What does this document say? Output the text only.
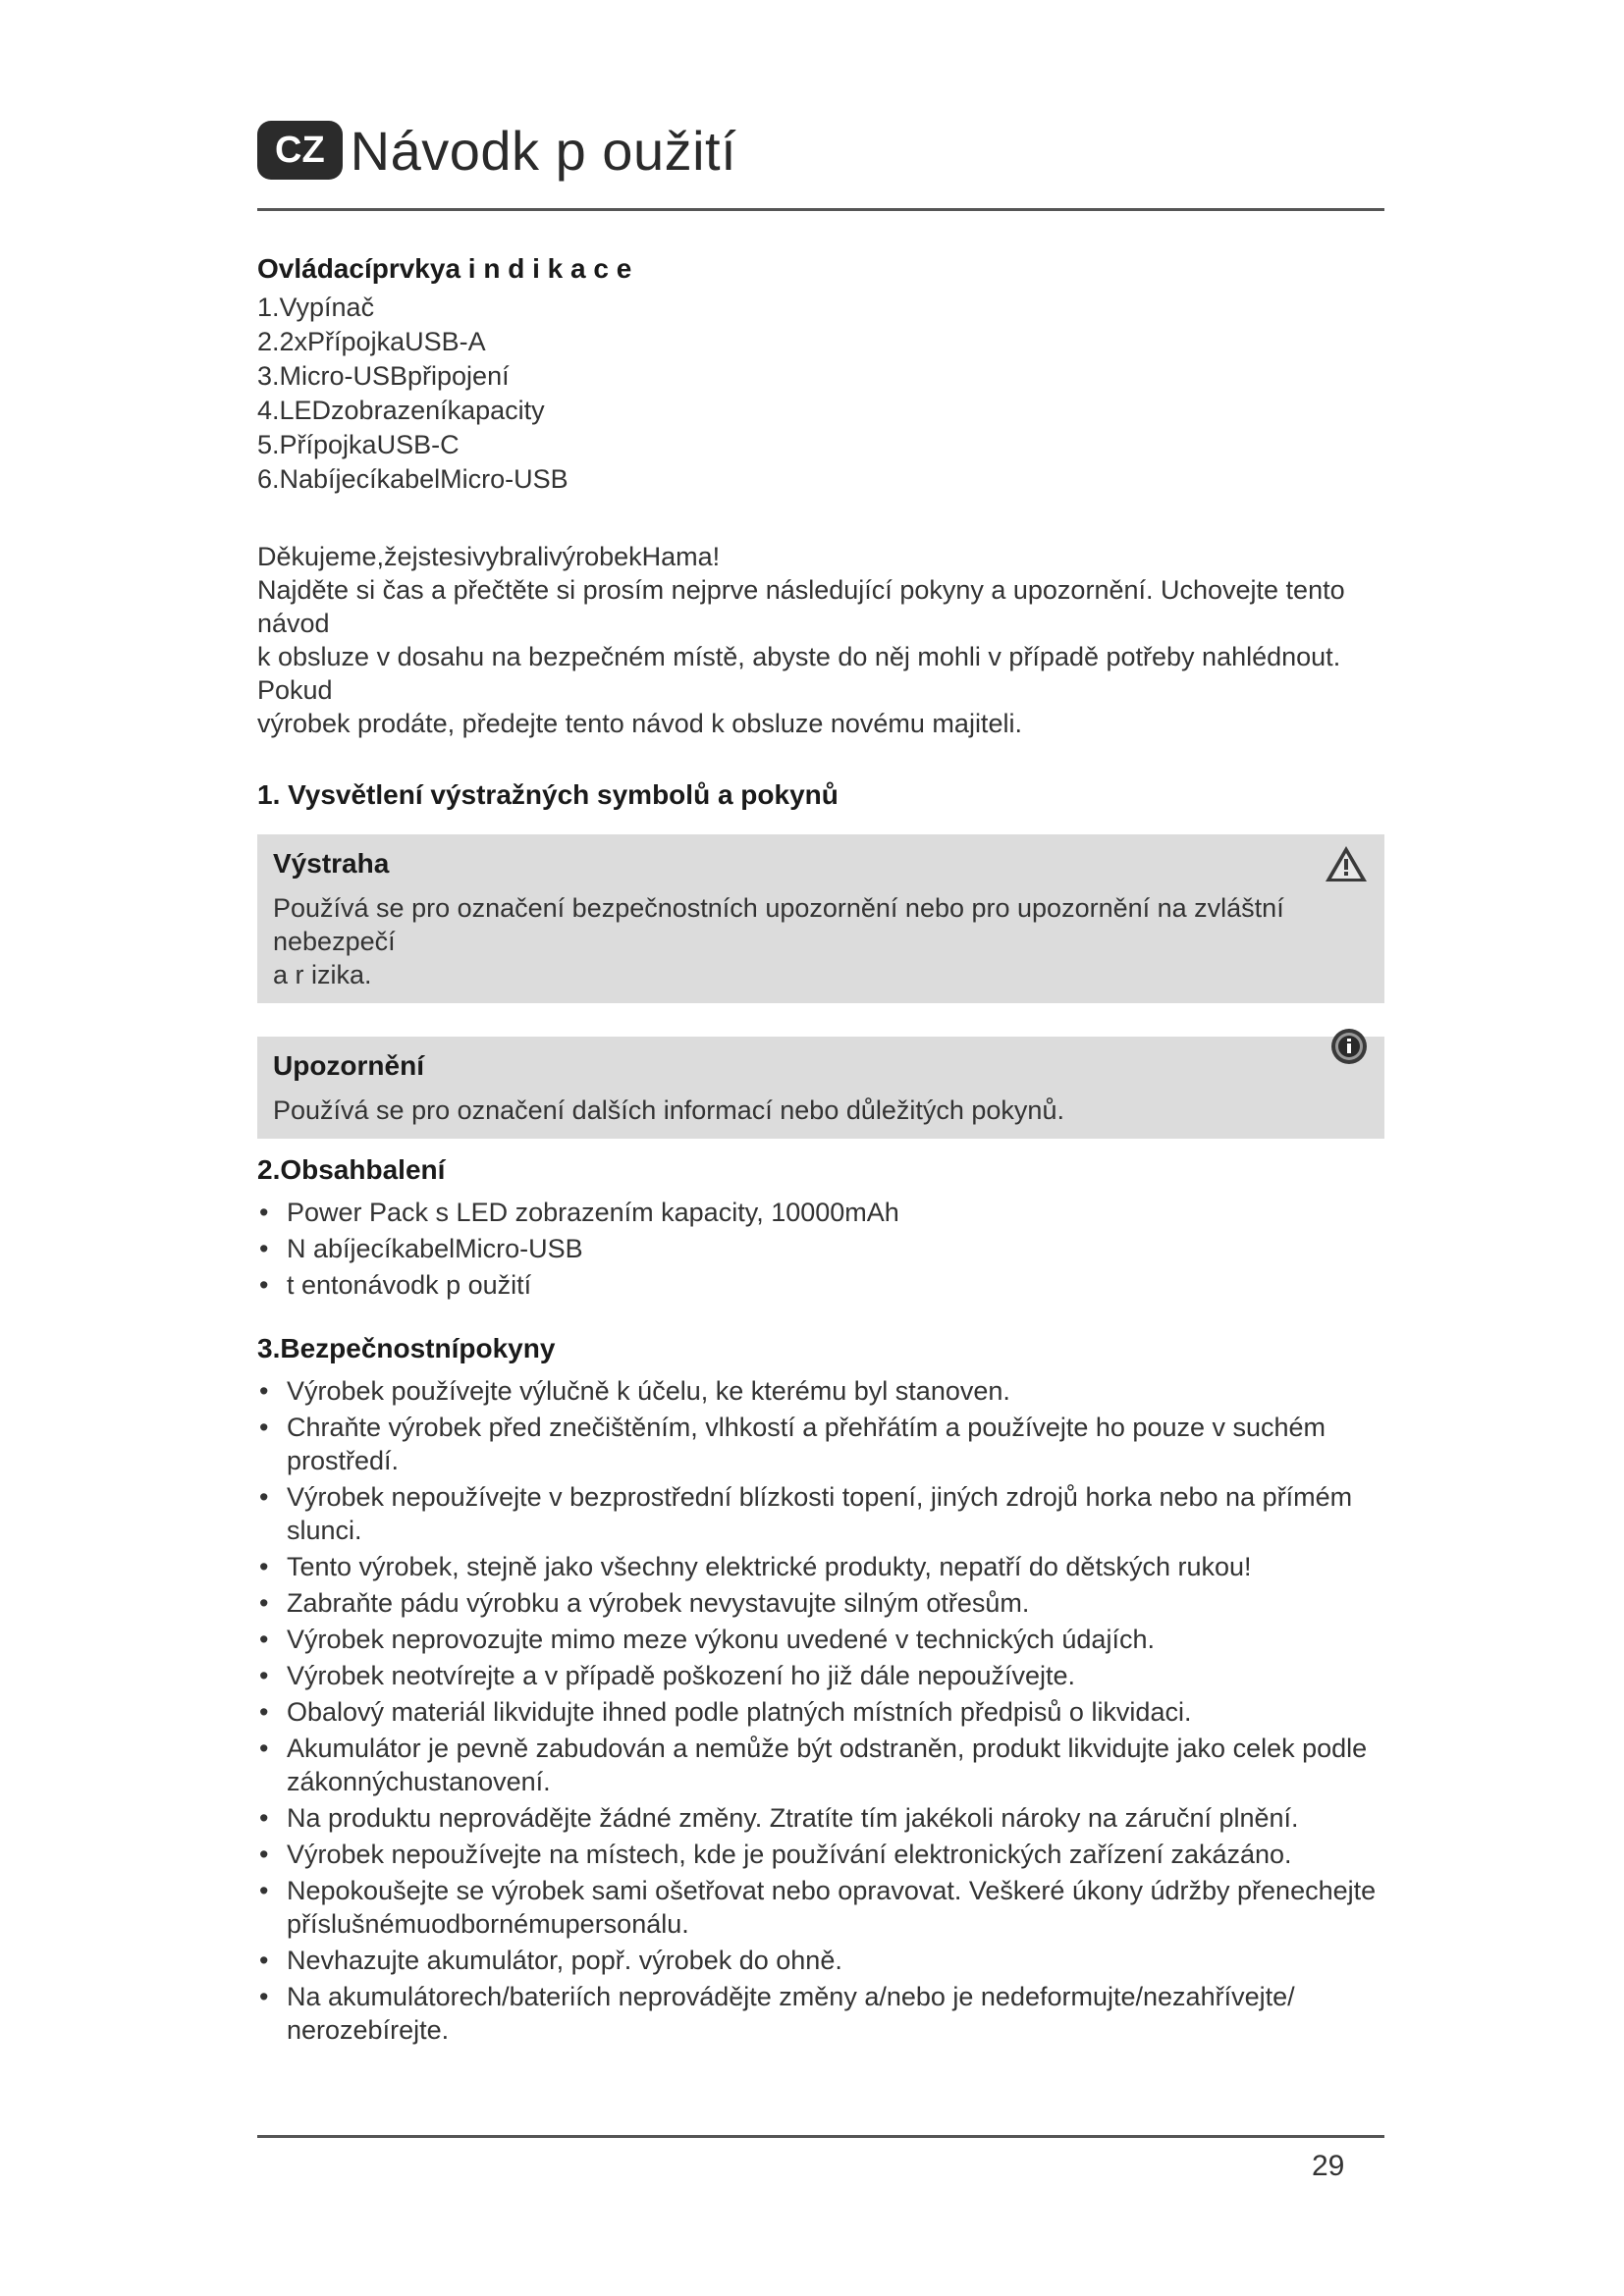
CZ Návodk p oužití
Ovládacíprvkya i n d i k a c e
1.Vypínač
2.2xPřípojkaUSB-A
3.Micro-USBpřipojení
4.LEDzobrazeníkapacity
5.PřípojkaUSB-C
6.NabíjecíkabelMicro-USB

Děkujeme,žejstesivybralivýrobekHama!

Najděte si čas a přečtěte si prosím nejprve následující pokyny a upozornění. Uchovejte tento návod

k obsluze v dosahu na bezpečném místě, abyste do něj mohli v případě potřeby nahlédnout. Pokud

výrobek prodáte, předejte tento návod k obsluze novému majiteli.

1. Vysvětlení výstražných symbolů a pokynů
Výstraha
Používá se pro označení bezpečnostních upozornění nebo pro upozornění na zvláštní nebezpečí
a r izika.
Upozornění
Používá se pro označení dalších informací nebo důležitých pokynů.
2.Obsahbalení
• Power Pack s LED zobrazením kapacity, 10000mAh
• N abíjecíkabelMicro-USB
• t entonávodk p oužití
3.Bezpečnostnípokyny
• Výrobek používejte výlučně k účelu, ke kterému byl stanoven.
• Chraňte výrobek před znečištěním, vlhkostí a přehřátím a používejte ho pouze v suchém prostředí.
• Výrobek nepoužívejte v bezprostřední blízkosti topení, jiných zdrojů horka nebo na přímém slunci.
• Tento výrobek, stejně jako všechny elektrické produkty, nepatří do dětských rukou!
• Zabraňte pádu výrobku a výrobek nevystavujte silným otřesům.
• Výrobek neprovozujte mimo meze výkonu uvedené v technických údajích.
• Výrobek neotvírejte a v případě poškození ho již dále nepoužívejte.
• Obalový materiál likvidujte ihned podle platných místních předpisů o likvidaci.
• Akumulátor je pevně zabudován a nemůže být odstraněn, produkt likvidujte jako celek podle zákonnýchustanovení.
• Na produktu neprovádějte žádné změny. Ztratíte tím jakékoli nároky na záruční plnění.
• Výrobek nepoužívejte na místech, kde je používání elektronických zařízení zakázáno.
• Nepokoušejte se výrobek sami ošetřovat nebo opravovat. Veškeré úkony údržby přenechejte příslušnémuodbornémupersonálu.
• Nevhazujte akumulátor, popř. výrobek do ohně.
• Na akumulátorech/bateriích neprovádějte změny a/nebo je nedeformujte/nezahřívejte/ nerozebírejte.
29
